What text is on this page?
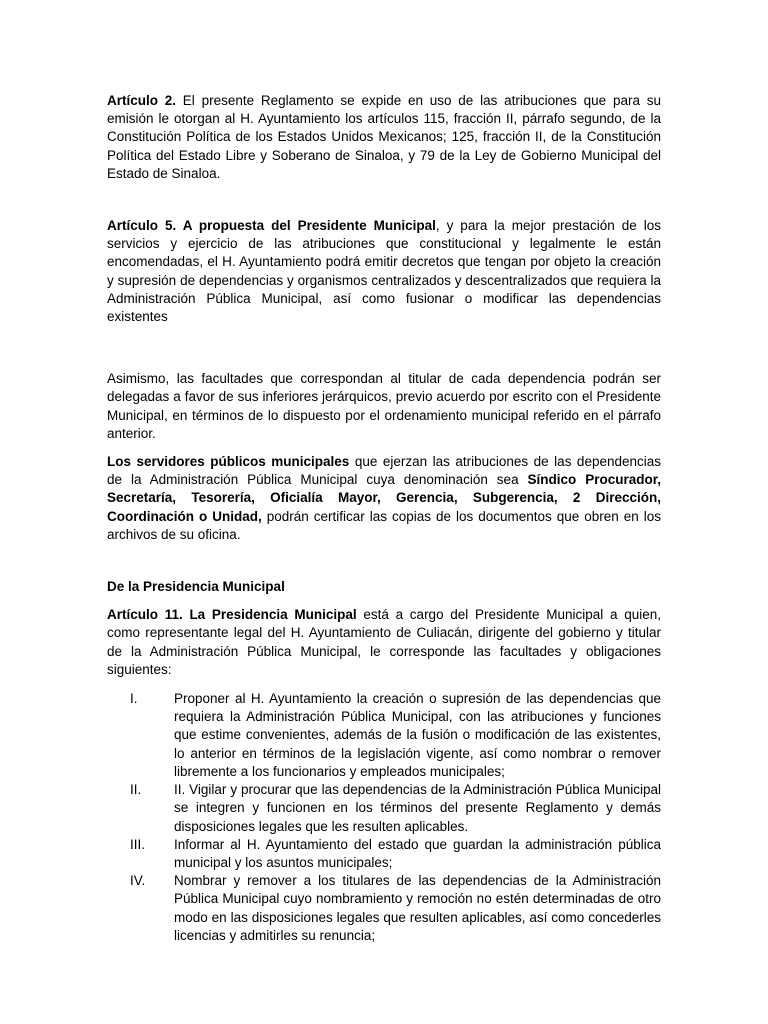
Artículo 2. El presente Reglamento se expide en uso de las atribuciones que para su emisión le otorgan al H. Ayuntamiento los artículos 115, fracción II, párrafo segundo, de la Constitución Política de los Estados Unidos Mexicanos; 125, fracción II, de la Constitución Política del Estado Libre y Soberano de Sinaloa, y 79 de la Ley de Gobierno Municipal del Estado de Sinaloa.

Artículo 5. A propuesta del Presidente Municipal, y para la mejor prestación de los servicios y ejercicio de las atribuciones que constitucional y legalmente le están encomendadas, el H. Ayuntamiento podrá emitir decretos que tengan por objeto la creación y supresión de dependencias y organismos centralizados y descentralizados que requiera la Administración Pública Municipal, así como fusionar o modificar las dependencias existentes

Asimismo, las facultades que correspondan al titular de cada dependencia podrán ser delegadas a favor de sus inferiores jerárquicos, previo acuerdo por escrito con el Presidente Municipal, en términos de lo dispuesto por el ordenamiento municipal referido en el párrafo anterior.

Los servidores públicos municipales que ejerzan las atribuciones de las dependencias de la Administración Pública Municipal cuya denominación sea Síndico Procurador, Secretaría, Tesorería, Oficialía Mayor, Gerencia, Subgerencia, 2 Dirección, Coordinación o Unidad, podrán certificar las copias de los documentos que obren en los archivos de su oficina.

De la Presidencia Municipal

Artículo 11. La Presidencia Municipal está a cargo del Presidente Municipal a quien, como representante legal del H. Ayuntamiento de Culiacán, dirigente del gobierno y titular de la Administración Pública Municipal, le corresponde las facultades y obligaciones siguientes:

I.	Proponer al H. Ayuntamiento la creación o supresión de las dependencias que requiera la Administración Pública Municipal, con las atribuciones y funciones que estime convenientes, además de la fusión o modificación de las existentes, lo anterior en términos de la legislación vigente, así como nombrar o remover libremente a los funcionarios y empleados municipales;
II. II. Vigilar y procurar que las dependencias de la Administración Pública Municipal se integren y funcionen en los términos del presente Reglamento y demás disposiciones legales que les resulten aplicables.
III. Informar al H. Ayuntamiento del estado que guardan la administración pública municipal y los asuntos municipales;
IV. Nombrar y remover a los titulares de las dependencias de la Administración Pública Municipal cuyo nombramiento y remoción no estén determinadas de otro modo en las disposiciones legales que resulten aplicables, así como concederles licencias y admitirles su renuncia;
